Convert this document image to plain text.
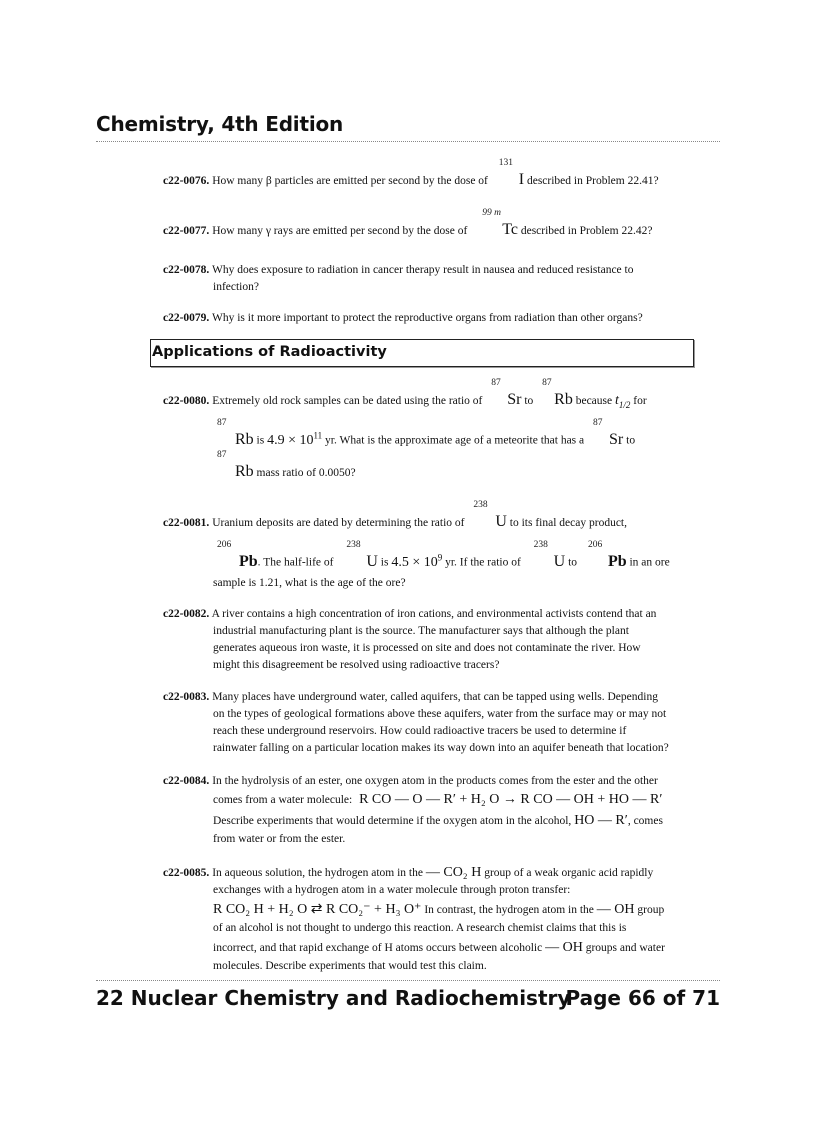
Chemistry, 4th Edition
c22-0076. How many β particles are emitted per second by the dose of
131
I described in Problem 22.41?
c22-0077. How many γ rays are emitted per second by the dose of
99 m
Tc described in Problem 22.42?
c22-0078. Why does exposure to radiation in cancer therapy result in nausea and reduced resistance to
infection?
c22-0079. Why is it more important to protect the reproductive organs from radiation than other organs?
Applications of Radioactivity
c22-0080. Extremely old rock samples can be dated using the ratio of
87
Sr to
87
Rb because $t_{1/2}$ for
87
Rb is $4.9 \times 10^{11}$ yr. What is the approximate age of a meteorite that has a
87
Sr to
87
Rb mass ratio of 0.0050?
c22-0081. Uranium deposits are dated by determining the ratio of
238
U to its final decay product,
206
Pb. The half-life of
238
U is $4.5 \times 10^9$ yr. If the ratio of
238
U to
206
Pb in an ore
sample is 1.21, what is the age of the ore?
c22-0082. A river contains a high concentration of iron cations, and environmental activists contend that an
industrial manufacturing plant is the source. The manufacturer says that although the plant
generates aqueous iron waste, it is processed on site and does not contaminate the river. How
might this disagreement be resolved using radioactive tracers?
c22-0083. Many places have underground water, called aquifers, that can be tapped using wells. Depending
on the types of geological formations above these aquifers, water from the surface may or may not
reach these underground reservoirs. How could radioactive tracers be used to determine if
rainwater falling on a particular location makes its way down into an aquifer beneath that location?
c22-0084. In the hydrolysis of an ester, one oxygen atom in the products comes from the ester and the other
comes from a water molecule: R CO — O — R′ + H₂ O → R CO — OH + HO — R′
Describe experiments that would determine if the oxygen atom in the alcohol, HO — R′, comes
from water or from the ester.
c22-0085. In aqueous solution, the hydrogen atom in the — CO₂ H group of a weak organic acid rapidly
exchanges with a hydrogen atom in a water molecule through proton transfer:
R CO₂ H + H₂ O ⇄ R CO₂⁻ + H₃ O⁺ In contrast, the hydrogen atom in the — OH group
of an alcohol is not thought to undergo this reaction. A research chemist claims that this is
incorrect, and that rapid exchange of H atoms occurs between alcoholic — OH groups and water
molecules. Describe experiments that would test this claim.
22 Nuclear Chemistry and Radiochemistry
Page 66 of 71
